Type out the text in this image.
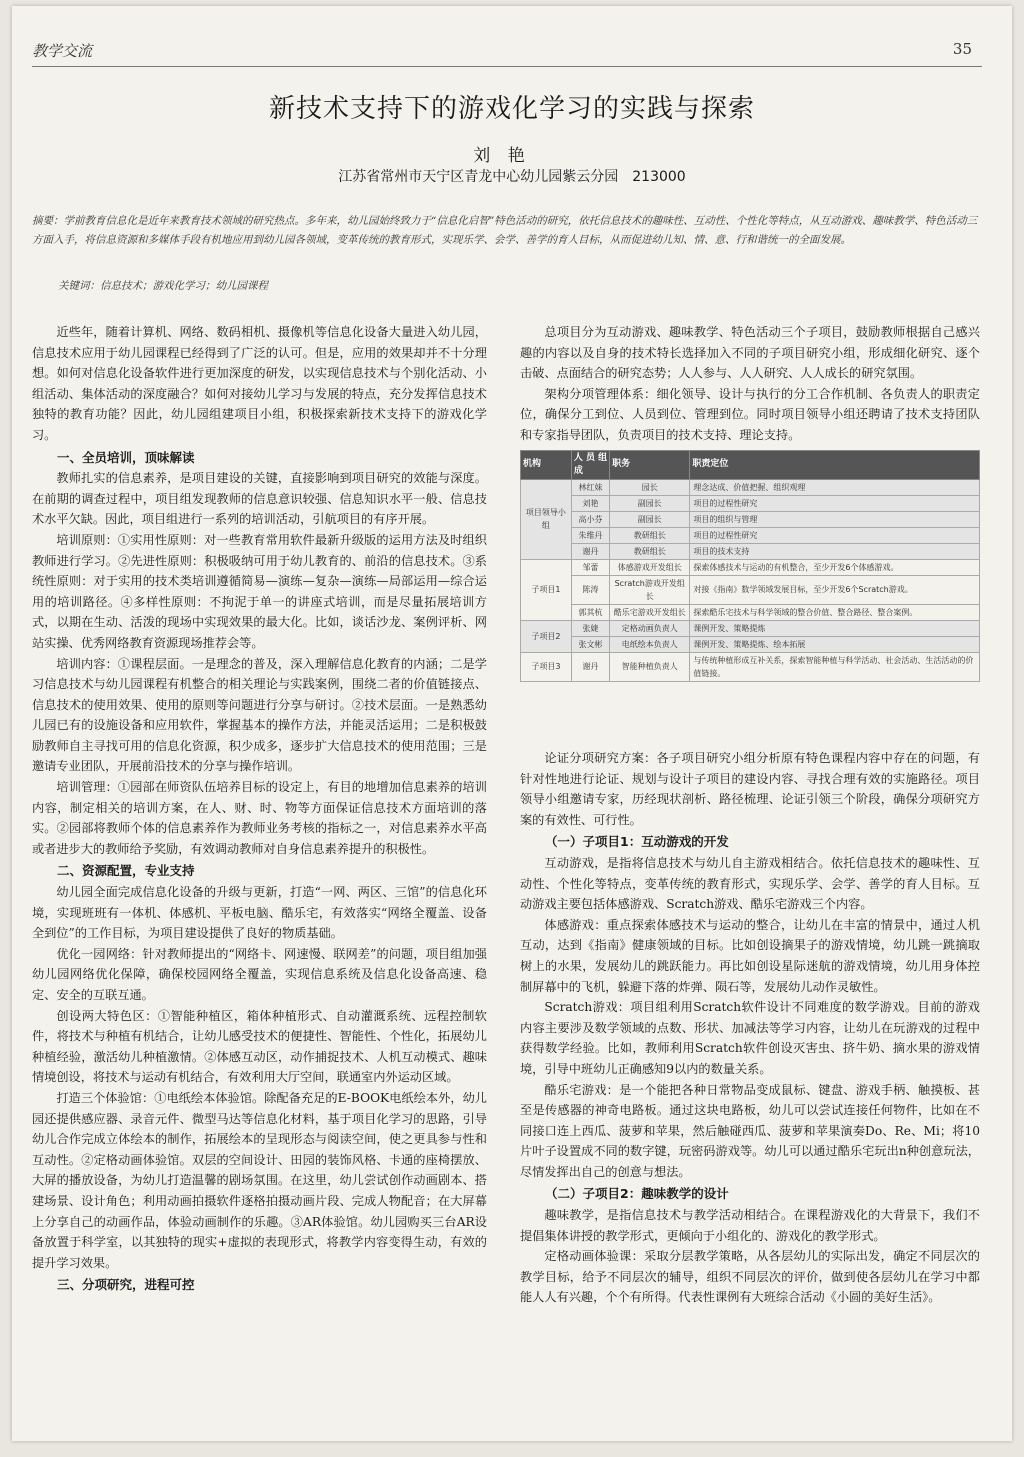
教学交流	35
新技术支持下的游戏化学习的实践与探索
刘 艳
江苏省常州市天宁区青龙中心幼儿园紫云分园　213000
摘要：学前教育信息化是近年来教育技术领域的研究热点。多年来，幼儿园始终致力于“信息化启智”特色活动的研究，依托信息技术的趣味性、互动性、个性化等特点，从互动游戏、趣味教学、特色活动三方面入手，将信息资源和多媒体手段有机地应用到幼儿园各领域，变革传统的教育形式，实现乐学、会学、善学的育人目标，从而促进幼儿知、情、意、行和谐统一的全面发展。
关键词：信息技术；游戏化学习；幼儿园课程

近些年，随着计算机、网络、数码相机、摄像机等信息化设备大量进入幼儿园，信息技术应用于幼儿园课程已经得到了广泛的认可。但是，应用的效果却并不十分理想。如何对信息化设备软件进行更加深度的研发，以实现信息技术与个别化活动、小组活动、集体活动的深度融合？如何对接幼儿学习与发展的特点，充分发挥信息技术独特的教育功能？因此，幼儿园组建项目小组，积极探索新技术支持下的游戏化学习。

一、全员培训，顶味解读

教师扎实的信息素养，是项目建设的关键，直接影响到项目研究的效能与深度。在前期的调查过程中，项目组发现教师的信息意识较强、信息知识水平一般、信息技术水平欠缺。因此，项目组进行一系列的培训活动，引航项目的有序开展。

培训原则：①实用性原则：对一些教育常用软件最新升级版的运用方法及时组织教师进行学习。②先进性原则：积极吸纳可用于幼儿教育的、前沿的信息技术。③系统性原则：对于实用的技术类培训遵循简易—演练—复杂—演练—局部运用—综合运用的培训路径。④多样性原则：不拘泥于单一的讲座式培训，而是尽量拓展培训方式，以期在生动、活泼的现场中实现效果的最大化。比如，谈话沙龙、案例评析、网站实操、优秀网络教育资源现场推荐会等。

培训内容：①课程层面。一是理念的普及，深入理解信息化教育的内涵；二是学习信息技术与幼儿园课程有机整合的相关理论与实践案例，围绕二者的价值链接点、信息技术的使用效果、使用的原则等问题进行分享与研讨。②技术层面。一是熟悉幼儿园已有的设施设备和应用软件，掌握基本的操作方法，并能灵活运用；二是积极鼓励教师自主寻找可用的信息化资源，积少成多，逐步扩大信息技术的使用范围；三是邀请专业团队，开展前沿技术的分享与操作培训。

培训管理：①园部在师资队伍培养目标的设定上，有目的地增加信息素养的培训内容，制定相关的培训方案，在人、财、时、物等方面保证信息技术方面培训的落实。②园部将教师个体的信息素养作为教师业务考核的指标之一，对信息素养水平高或者进步大的教师给予奖励，有效调动教师对自身信息素养提升的积极性。

二、资源配置，专业支持

幼儿园全面完成信息化设备的升级与更新，打造“一网、两区、三馆”的信息化环境，实现班班有一体机、体感机、平板电脑、酷乐宅，有效落实“网络全覆盖、设备全到位”的工作目标，为项目建设提供了良好的物质基础。

优化一园网络：针对教师提出的“网络卡、网速慢、联网差”的问题，项目组加强幼儿园网络优化保障，确保校园网络全覆盖，实现信息系统及信息化设备高速、稳定、安全的互联互通。

创设两大特色区：①智能种植区，箱体种植形式、自动灌溉系统、远程控制软件，将技术与种植有机结合，让幼儿感受技术的便捷性、智能性、个性化，拓展幼儿种植经验，激活幼儿种植激情。②体感互动区，动作捕捉技术、人机互动模式、趣味情境创设，将技术与运动有机结合，有效利用大厅空间，联通室内外运动区域。

打造三个体验馆：①电纸绘本体验馆。除配备充足的E-BOOK电纸绘本外，幼儿园还提供感应器、录音元件、微型马达等信息化材料，基于项目化学习的思路，引导幼儿合作完成立体绘本的制作，拓展绘本的呈现形态与阅读空间，使之更具参与性和互动性。②定格动画体验馆。双层的空间设计、田园的装饰风格、卡通的座椅摆放、大屏的播放设备，为幼儿打造温馨的剧场氛围。在这里，幼儿尝试创作动画剧本、搭建场景、设计角色；利用动画拍摄软件逐格拍摄动画片段、完成人物配音；在大屏幕上分享自己的动画作品，体验动画制作的乐趣。③AR体验馆。幼儿园购买三台AR设备放置于科学室，以其独特的现实+虚拟的表现形式，将教学内容变得生动，有效的提升学习效果。

三、分项研究，进程可控

总项目分为互动游戏、趣味教学、特色活动三个子项目，鼓励教师根据自己感兴趣的内容以及自身的技术特长选择加入不同的子项目研究小组，形成细化研究、逐个击破、点面结合的研究态势；人人参与、人人研究、人人成长的研究氛围。

架构分项管理体系：细化领导、设计与执行的分工合作机制、各负责人的职责定位，确保分工到位、人员到位、管理到位。同时项目领导小组还聘请了技术支持团队和专家指导团队，负责项目的技术支持、理论支持。

机构	人员组成	职务	职责定位
项目领导小组	林红妹	园长	理念达成、价值把握、组织观理
	刘艳	副园长	项目的过程性研究
	高小芬	副园长	项目的组织与管理
	朱维丹	教研组长	项目的过程性研究
	谢丹	教研组长	项目的技术支持
子项目1	邹蕾	体感游戏开发组长	探索体感技术与运动的有机整合，至少开发6个体感游戏。
	陈涛	Scratch游戏开发组长	对接《指南》数学领域发展目标，至少开发6个Scratch游戏。
	郭其杭	酷乐宅游戏开发组长	探索酷乐宅技术与科学领域的整合价值、整合路径、整合案例。
子项目2	张婕	定格动画负责人	课例开发、策略提炼
	张文彬	电纸绘本负责人	课例开发、策略提炼、绘本拓展
子项目3	谢丹	智能种植负责人	与传统种植形成互补关系，探索智能种植与科学活动、社会活动、生活活动的价值链接。

论证分项研究方案：各子项目研究小组分析原有特色课程内容中存在的问题，有针对性地进行论证、规划与设计子项目的建设内容、寻找合理有效的实施路径。项目领导小组邀请专家，历经现状剖析、路径梳理、论证引领三个阶段，确保分项研究方案的有效性、可行性。

（一）子项目1：互动游戏的开发

互动游戏，是指将信息技术与幼儿自主游戏相结合。依托信息技术的趣味性、互动性、个性化等特点，变革传统的教育形式，实现乐学、会学、善学的育人目标。互动游戏主要包括体感游戏、Scratch游戏、酷乐宅游戏三个内容。

体感游戏：重点探索体感技术与运动的整合，让幼儿在丰富的情景中，通过人机互动，达到《指南》健康领域的目标。比如创设摘果子的游戏情境，幼儿跳一跳摘取树上的水果，发展幼儿的跳跃能力。再比如创设星际迷航的游戏情境，幼儿用身体控制屏幕中的飞机，躲避下落的炸弹、陨石等，发展幼儿动作灵敏性。

Scratch游戏：项目组利用Scratch软件设计不同难度的数学游戏。目前的游戏内容主要涉及数学领域的点数、形状、加减法等学习内容，让幼儿在玩游戏的过程中获得数学经验。比如，教师利用Scratch软件创设灭害虫、挤牛奶、摘水果的游戏情境，引导中班幼儿正确感知9以内的数量关系。

酷乐宅游戏：是一个能把各种日常物品变成鼠标、键盘、游戏手柄、触摸板、甚至是传感器的神奇电路板。通过这块电路板，幼儿可以尝试连接任何物件，比如在不同接口连上西瓜、菠萝和苹果，然后触碰西瓜、菠萝和苹果演奏Do、Re、Mi；将10片叶子设置成不同的数字键，玩密码游戏等。幼儿可以通过酷乐宅玩出n种创意玩法，尽情发挥出自己的创意与想法。

（二）子项目2：趣味教学的设计

趣味教学，是指信息技术与教学活动相结合。在课程游戏化的大背景下，我们不提倡集体讲授的教学形式，更倾向于小组化的、游戏化的教学形式。

定格动画体验课：采取分层教学策略，从各层幼儿的实际出发，确定不同层次的教学目标，给予不同层次的辅导，组织不同层次的评价，做到使各层幼儿在学习中都能人人有兴趣，个个有所得。代表性课例有大班综合活动《小圆的美好生活》。
